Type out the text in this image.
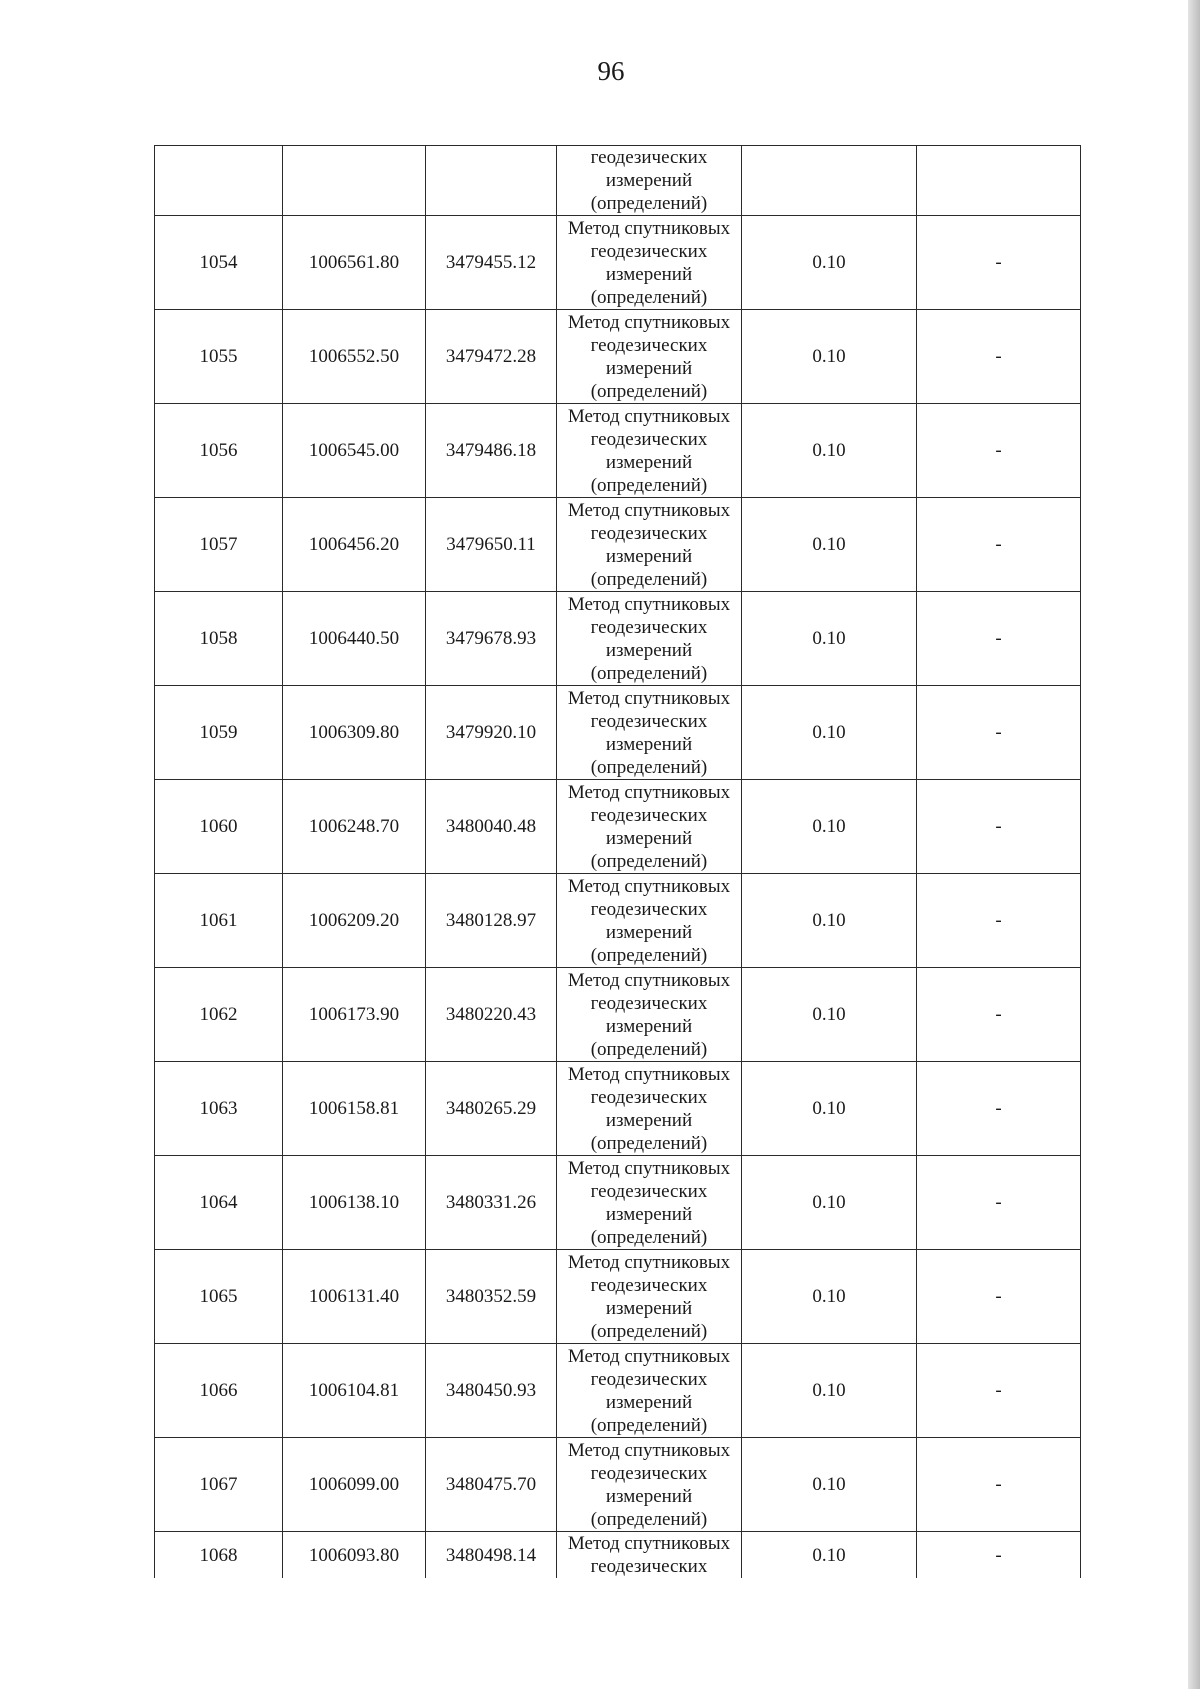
96

			геодезических
измерений
(определений)		

1054	1006561.80	3479455.12	Метод спутниковых
геодезических
измерений
(определений)	0.10	-
1055	1006552.50	3479472.28	Метод спутниковых
геодезических
измерений
(определений)	0.10	-
1056	1006545.00	3479486.18	Метод спутниковых
геодезических
измерений
(определений)	0.10	-
1057	1006456.20	3479650.11	Метод спутниковых
геодезических
измерений
(определений)	0.10	-
1058	1006440.50	3479678.93	Метод спутниковых
геодезических
измерений
(определений)	0.10	-
1059	1006309.80	3479920.10	Метод спутниковых
геодезических
измерений
(определений)	0.10	-
1060	1006248.70	3480040.48	Метод спутниковых
геодезических
измерений
(определений)	0.10	-
1061	1006209.20	3480128.97	Метод спутниковых
геодезических
измерений
(определений)	0.10	-
1062	1006173.90	3480220.43	Метод спутниковых
геодезических
измерений
(определений)	0.10	-
1063	1006158.81	3480265.29	Метод спутниковых
геодезических
измерений
(определений)	0.10	-
1064	1006138.10	3480331.26	Метод спутниковых
геодезических
измерений
(определений)	0.10	-
1065	1006131.40	3480352.59	Метод спутниковых
геодезических
измерений
(определений)	0.10	-
1066	1006104.81	3480450.93	Метод спутниковых
геодезических
измерений
(определений)	0.10	-
1067	1006099.00	3480475.70	Метод спутниковых
геодезических
измерений
(определений)	0.10	-
1068	1006093.80	3480498.14	Метод спутниковых
геодезических	0.10	-
